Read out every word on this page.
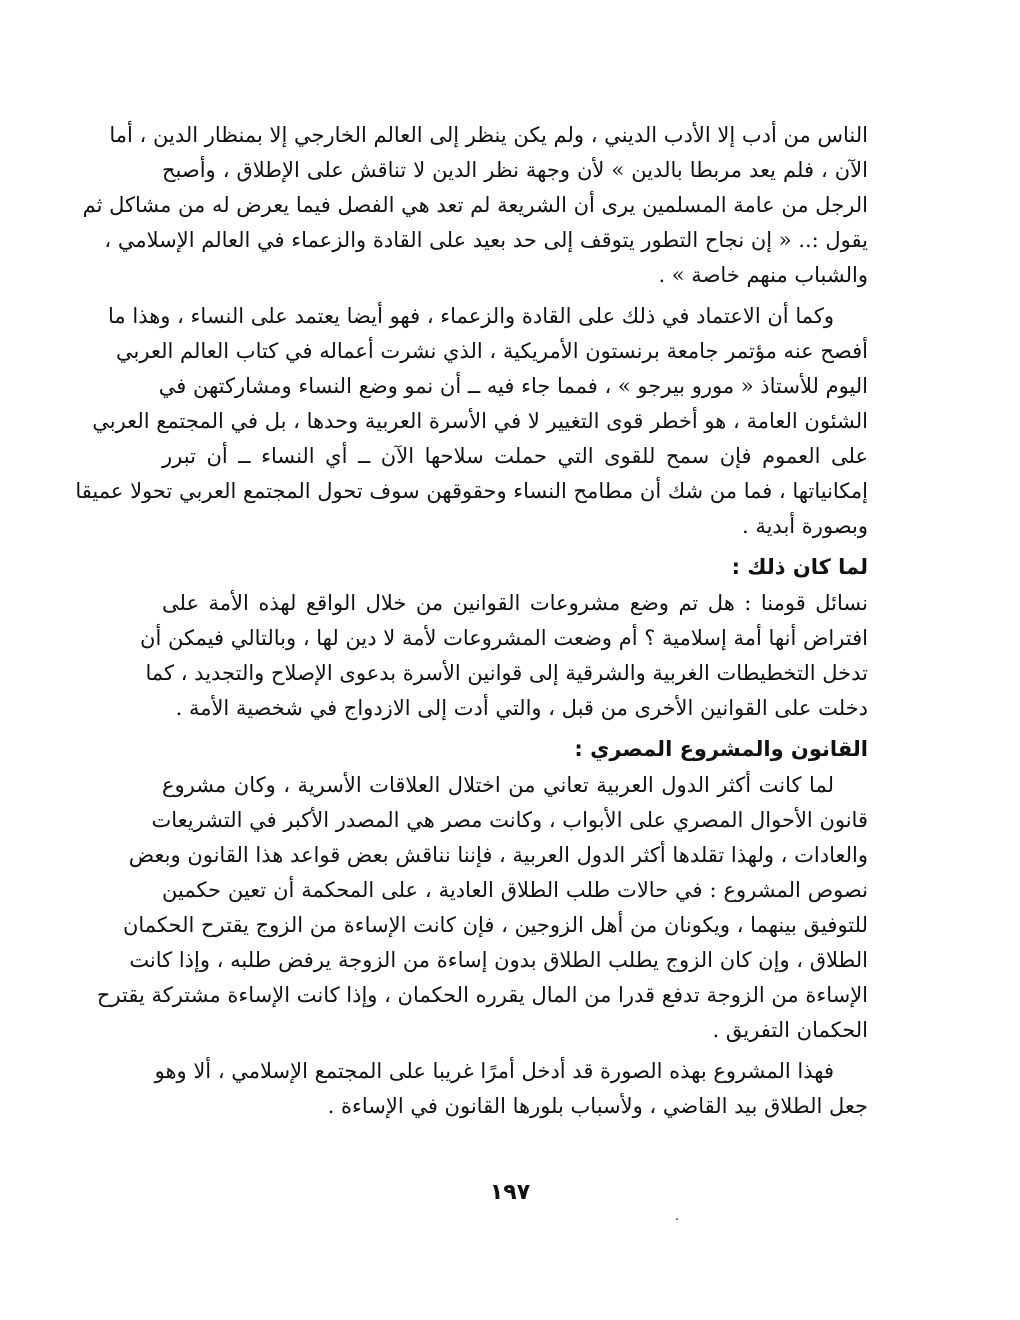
الناس من أدب إلا الأدب الديني ، ولم يكن ينظر إلى العالم الخارجي إلا بمنظار الدين ، أما
الآن ، فلم يعد مربطا بالدين » لأن وجهة نظر الدين لا تناقش على الإطلاق ، وأصبح
الرجل من عامة المسلمين يرى أن الشريعة لم تعد هي الفصل فيما يعرض له من مشاكل ثم
يقول :.. « إن نجاح التطور يتوقف إلى حد بعيد على القادة والزعماء في العالم الإسلامي ،
والشباب منهم خاصة » .
وكما أن الاعتماد في ذلك على القادة والزعماء ، فهو أيضا يعتمد على النساء ، وهذا ما
أفصح عنه مؤتمر جامعة برنستون الأمريكية ، الذي نشرت أعماله في كتاب العالم العربي
اليوم للأستاذ « مورو بيرجو » ، فمما جاء فيه ــ أن نمو وضع النساء ومشاركتهن في
الشئون العامة ، هو أخطر قوى التغيير لا في الأسرة العربية وحدها ، بل في المجتمع العربي
على العموم فإن سمح للقوى التي حملت سلاحها الآن ــ أي النساء ــ أن تبرر
إمكانياتها ، فما من شك أن مطامح النساء وحقوقهن سوف تحول المجتمع العربي تحولا عميقا
وبصورة أبدية .
لما كان ذلك :
نسائل قومنا : هل تم وضع مشروعات القوانين من خلال الواقع لهذه الأمة على
افتراض أنها أمة إسلامية ؟ أم وضعت المشروعات لأمة لا دين لها ، وبالتالي فيمكن أن
تدخل التخطيطات الغربية والشرقية إلى قوانين الأسرة بدعوى الإصلاح والتجديد ، كما
دخلت على القوانين الأخرى من قبل ، والتي أدت إلى الازدواج في شخصية الأمة .
القانون والمشروع المصري :
لما كانت أكثر الدول العربية تعاني من اختلال العلاقات الأسرية ، وكان مشروع
قانون الأحوال المصري على الأبواب ، وكانت مصر هي المصدر الأكبر في التشريعات
والعادات ، ولهذا تقلدها أكثر الدول العربية ، فإننا نناقش بعض قواعد هذا القانون وبعض
نصوص المشروع : في حالات طلب الطلاق العادية ، على المحكمة أن تعين حكمين
للتوفيق بينهما ، ويكونان من أهل الزوجين ، فإن كانت الإساءة من الزوج يقترح الحكمان
الطلاق ، وإن كان الزوج يطلب الطلاق بدون إساءة من الزوجة يرفض طلبه ، وإذا كانت
الإساءة من الزوجة تدفع قدرا من المال يقرره الحكمان ، وإذا كانت الإساءة مشتركة يقترح
الحكمان التفريق .
فهذا المشروع بهذه الصورة قد أدخل أمرًا غريبا على المجتمع الإسلامي ، ألا وهو
جعل الطلاق بيد القاضي ، ولأسباب بلورها القانون في الإساءة .
١٩٧
